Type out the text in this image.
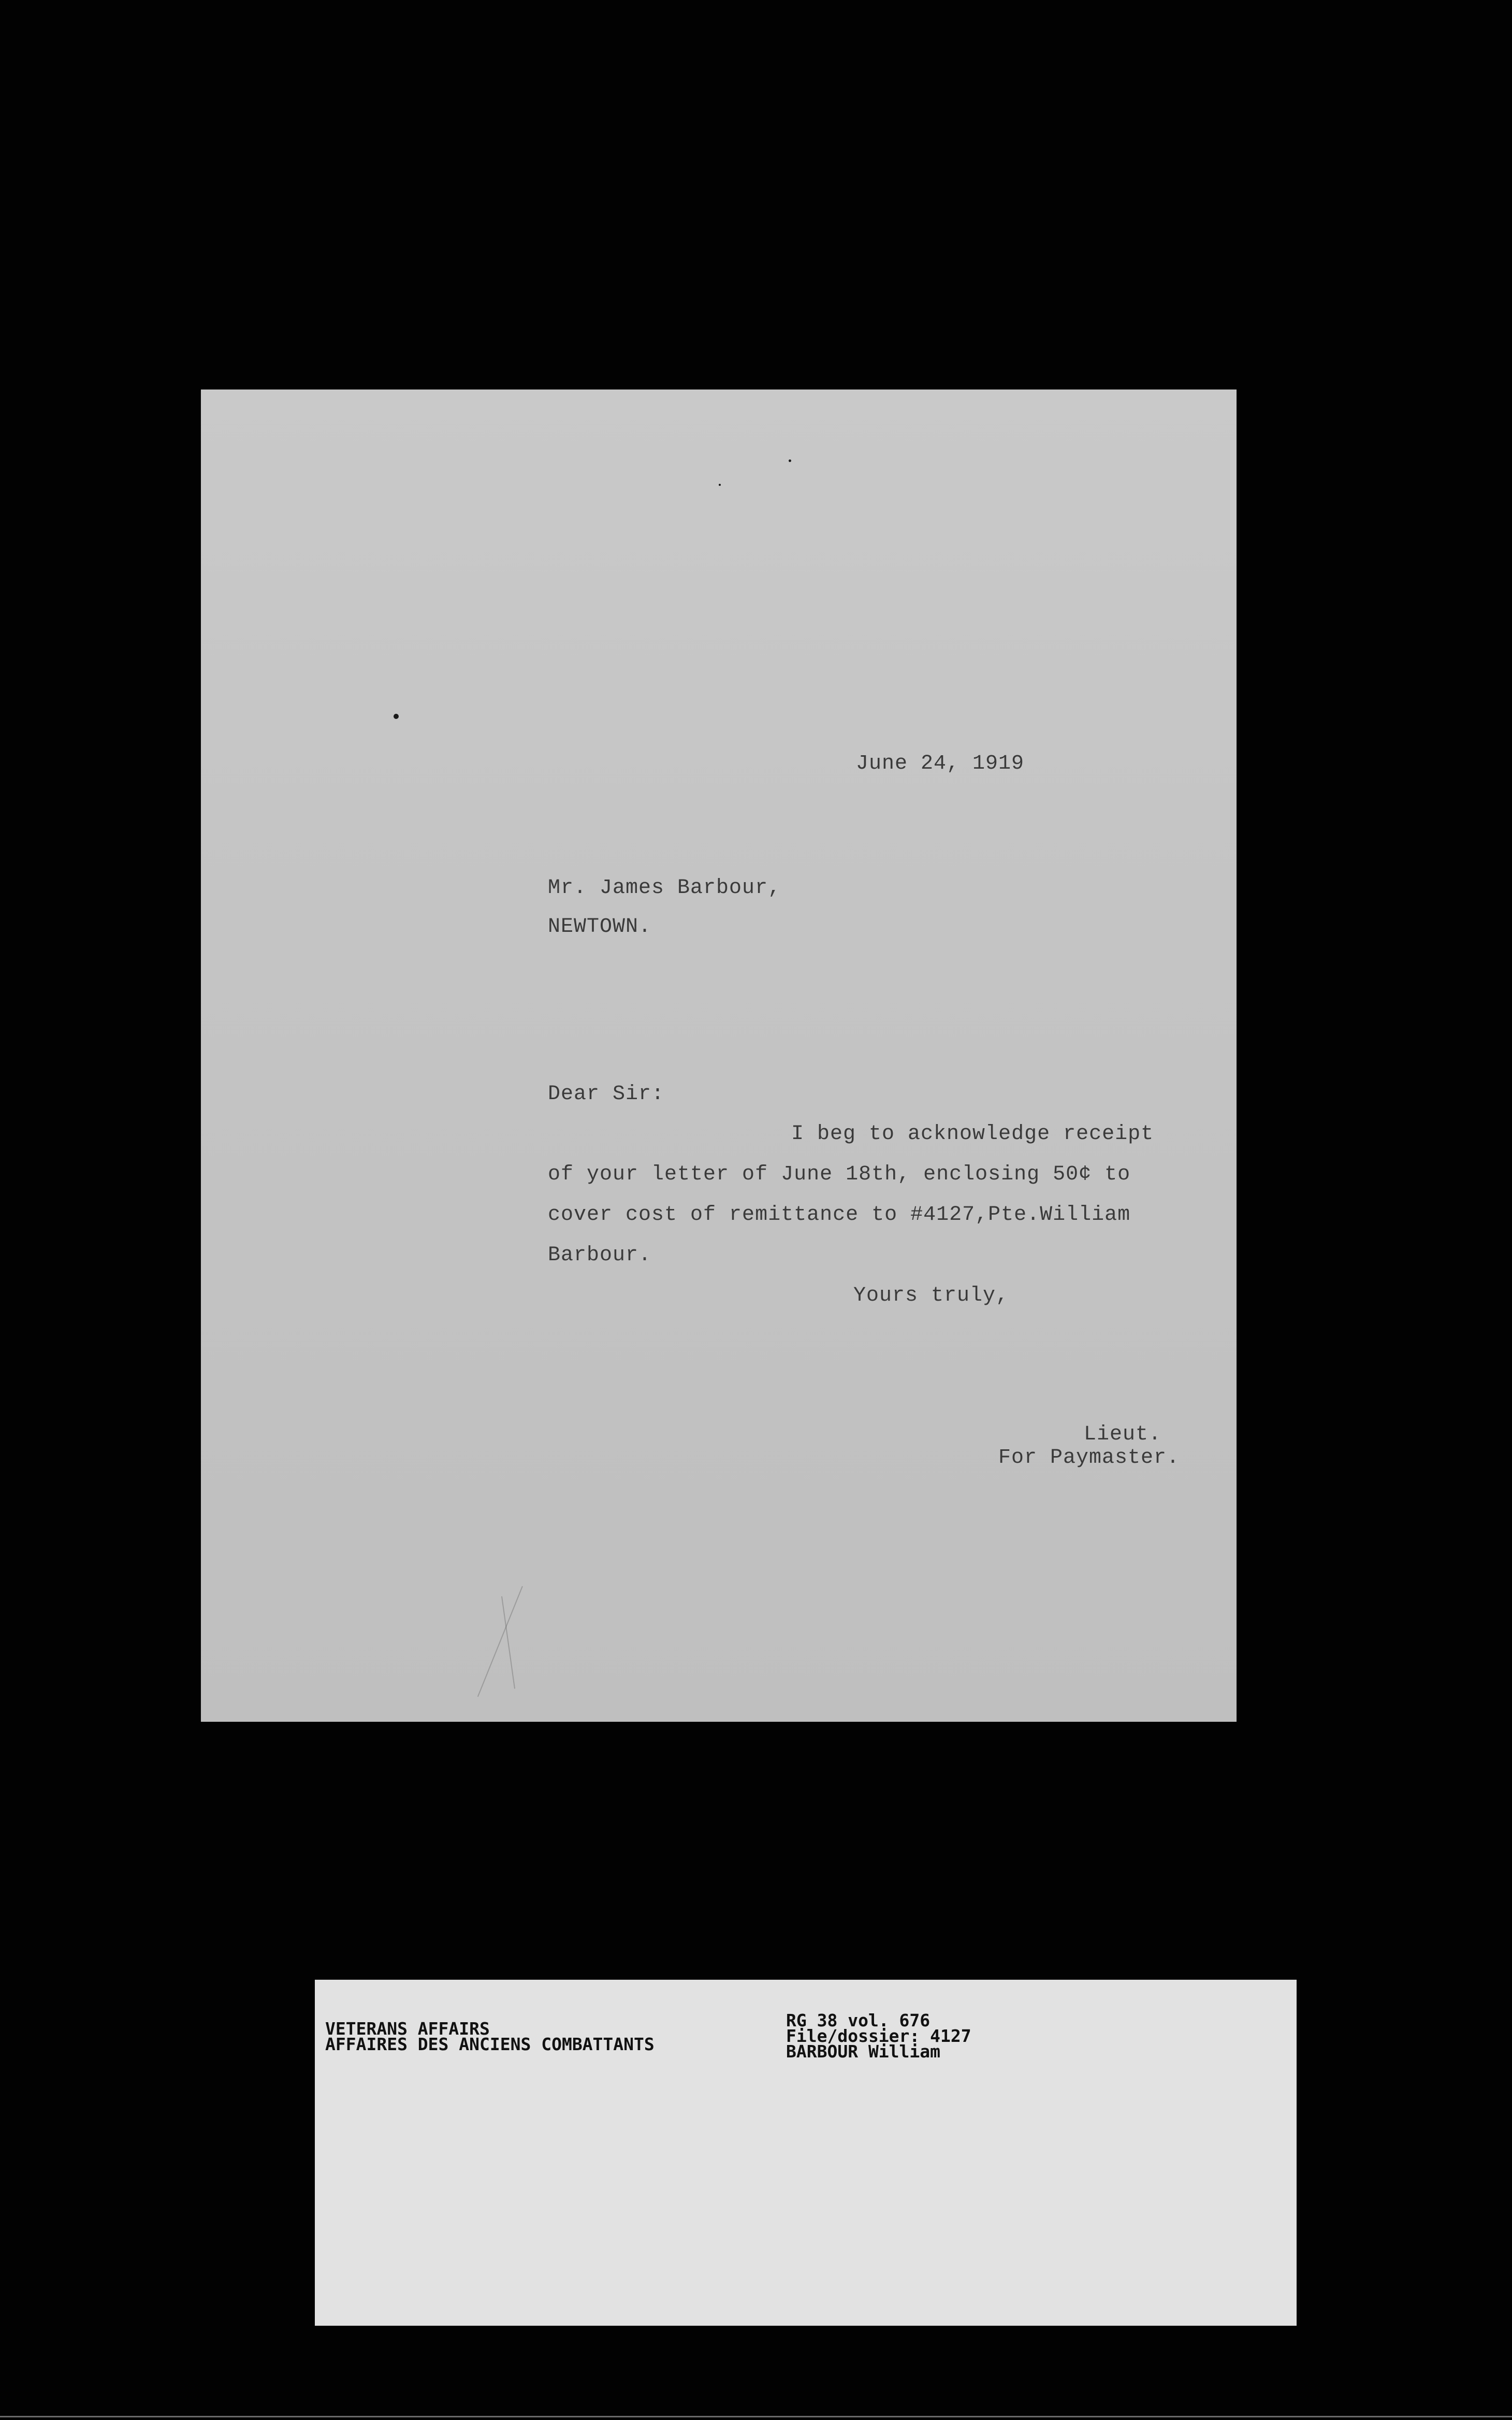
June 24, 1919
Mr. James Barbour,
NEWTOWN.
Dear Sir:
I beg to acknowledge receipt
of your letter of June 18th, enclosing 50¢ to
cover cost of remittance to #4127,Pte.William
Barbour.
Yours truly,
Lieut.
For Paymaster.
VETERANS AFFAIRS
AFFAIRES DES ANCIENS COMBATTANTS
RG 38 vol. 676
File/dossier: 4127
BARBOUR William
